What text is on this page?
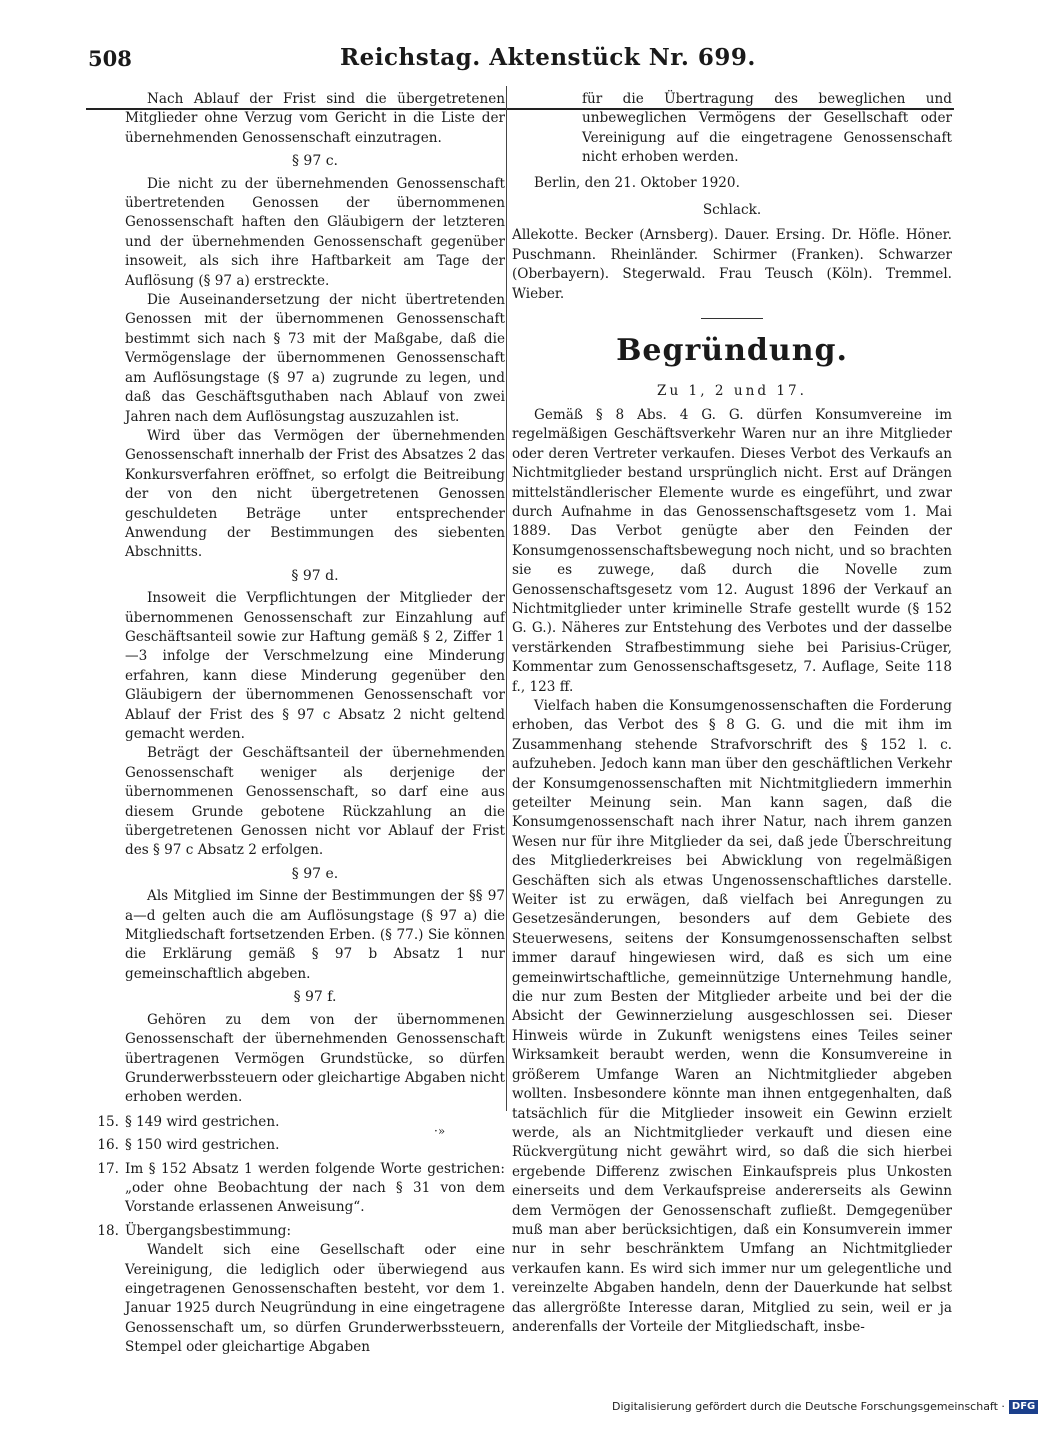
508	Reichstag. Aktenstück Nr. 699.

Nach Ablauf der Frist sind die übergetretenen Mitglieder ohne Verzug vom Gericht in die Liste der übernehmenden Genossenschaft einzutragen.

§ 97 c.

Die nicht zu der übernehmenden Genossenschaft übertretenden Genossen der übernommenen Genossenschaft haften den Gläubigern der letzteren und der übernehmenden Genossenschaft gegenüber insoweit, als sich ihre Haftbarkeit am Tage der Auflösung (§ 97 a) erstreckte.

Die Auseinandersetzung der nicht übertretenden Genossen mit der übernommenen Genossenschaft bestimmt sich nach § 73 mit der Maßgabe, daß die Vermögenslage der übernommenen Genossenschaft am Auflösungstage (§ 97 a) zugrunde zu legen, und daß das Geschäftsguthaben nach Ablauf von zwei Jahren nach dem Auflösungstag auszuzahlen ist.

Wird über das Vermögen der übernehmenden Genossenschaft innerhalb der Frist des Absatzes 2 das Konkursverfahren eröffnet, so erfolgt die Beitreibung der von den nicht übergetretenen Genossen geschuldeten Beträge unter entsprechender Anwendung der Bestimmungen des siebenten Abschnitts.

§ 97 d.

Insoweit die Verpflichtungen der Mitglieder der übernommenen Genossenschaft zur Einzahlung auf Geschäftsanteil sowie zur Haftung gemäß § 2, Ziffer 1—3 infolge der Verschmelzung eine Minderung erfahren, kann diese Minderung gegenüber den Gläubigern der übernommenen Genossenschaft vor Ablauf der Frist des § 97 c Absatz 2 nicht geltend gemacht werden.

Beträgt der Geschäftsanteil der übernehmenden Genossenschaft weniger als derjenige der übernommenen Genossenschaft, so darf eine aus diesem Grunde gebotene Rückzahlung an die übergetretenen Genossen nicht vor Ablauf der Frist des § 97 c Absatz 2 erfolgen.

§ 97 e.

Als Mitglied im Sinne der Bestimmungen der §§ 97 a—d gelten auch die am Auflösungstage (§ 97 a) die Mitgliedschaft fortsetzenden Erben. (§ 77.) Sie können die Erklärung gemäß § 97 b Absatz 1 nur gemeinschaftlich abgeben.

§ 97 f.

Gehören zu dem von der übernommenen Genossenschaft der übernehmenden Genossenschaft übertragenen Vermögen Grundstücke, so dürfen Grunderwerbssteuern oder gleichartige Abgaben nicht erhoben werden.

15. § 149 wird gestrichen.

16. § 150 wird gestrichen.

17. Im § 152 Absatz 1 werden folgende Worte gestrichen: „oder ohne Beobachtung der nach § 31 von dem Vorstande erlassenen Anweisung“.

18. Übergangsbestimmung:

Wandelt sich eine Gesellschaft oder eine Vereinigung, die lediglich oder überwiegend aus eingetragenen Genossenschaften besteht, vor dem 1. Januar 1925 durch Neugründung in eine eingetragene Genossenschaft um, so dürfen Grunderwerbssteuern, Stempel oder gleichartige Abgaben

für die Übertragung des beweglichen und unbeweglichen Vermögens der Gesellschaft oder Vereinigung auf die eingetragene Genossenschaft nicht erhoben werden.

Berlin, den 21. Oktober 1920.

Schlack.

Allekotte. Becker (Arnsberg). Dauer. Ersing. Dr. Höfle. Höner. Puschmann. Rheinländer. Schirmer (Franken). Schwarzer (Oberbayern). Stegerwald. Frau Teusch (Köln). Tremmel. Wieber.

Begründung.
Zu 1, 2 und 17.

Gemäß § 8 Abs. 4 G. G. dürfen Konsumvereine im regelmäßigen Geschäftsverkehr Waren nur an ihre Mitglieder oder deren Vertreter verkaufen. Dieses Verbot des Verkaufs an Nichtmitglieder bestand ursprünglich nicht. Erst auf Drängen mittelständlerischer Elemente wurde es eingeführt, und zwar durch Aufnahme in das Genossenschaftsgesetz vom 1. Mai 1889. Das Verbot genügte aber den Feinden der Konsumgenossenschaftsbewegung noch nicht, und so brachten sie es zuwege, daß durch die Novelle zum Genossenschaftsgesetz vom 12. August 1896 der Verkauf an Nichtmitglieder unter kriminelle Strafe gestellt wurde (§ 152 G. G.). Näheres zur Entstehung des Verbotes und der dasselbe verstärkenden Strafbestimmung siehe bei Parisius-Crüger, Kommentar zum Genossenschaftsgesetz, 7. Auflage, Seite 118 f., 123 ff.

Vielfach haben die Konsumgenossenschaften die Forderung erhoben, das Verbot des § 8 G. G. und die mit ihm im Zusammenhang stehende Strafvorschrift des § 152 l. c. aufzuheben. Jedoch kann man über den geschäftlichen Verkehr der Konsumgenossenschaften mit Nichtmitgliedern immerhin geteilter Meinung sein. Man kann sagen, daß die Konsumgenossenschaft nach ihrer Natur, nach ihrem ganzen Wesen nur für ihre Mitglieder da sei, daß jede Überschreitung des Mitgliederkreises bei Abwicklung von regelmäßigen Geschäften sich als etwas Ungenossenschaftliches darstelle. Weiter ist zu erwägen, daß vielfach bei Anregungen zu Gesetzesänderungen, besonders auf dem Gebiete des Steuerwesens, seitens der Konsumgenossenschaften selbst immer darauf hingewiesen wird, daß es sich um eine gemeinwirtschaftliche, gemeinnützige Unternehmung handle, die nur zum Besten der Mitglieder arbeite und bei der die Absicht der Gewinnerzielung ausgeschlossen sei. Dieser Hinweis würde in Zukunft wenigstens eines Teiles seiner Wirksamkeit beraubt werden, wenn die Konsumvereine in größerem Umfange Waren an Nichtmitglieder abgeben wollten. Insbesondere könnte man ihnen entgegenhalten, daß tatsächlich für die Mitglieder insoweit ein Gewinn erzielt werde, als an Nichtmitglieder verkauft und diesen eine Rückvergütung nicht gewährt wird, so daß die sich hierbei ergebende Differenz zwischen Einkaufspreis plus Unkosten einerseits und dem Verkaufspreise andererseits als Gewinn dem Vermögen der Genossenschaft zufließt. Demgegenüber muß man aber berücksichtigen, daß ein Konsumverein immer nur in sehr beschränktem Umfang an Nichtmitglieder verkaufen kann. Es wird sich immer nur um gelegentliche und vereinzelte Abgaben handeln, denn der Dauerkunde hat selbst das allergrößte Interesse daran, Mitglied zu sein, weil er ja anderenfalls der Vorteile der Mitgliedschaft, insbe-

·»
Digitalisierung gefördert durch die Deutsche Forschungsgemeinschaft · DFG
